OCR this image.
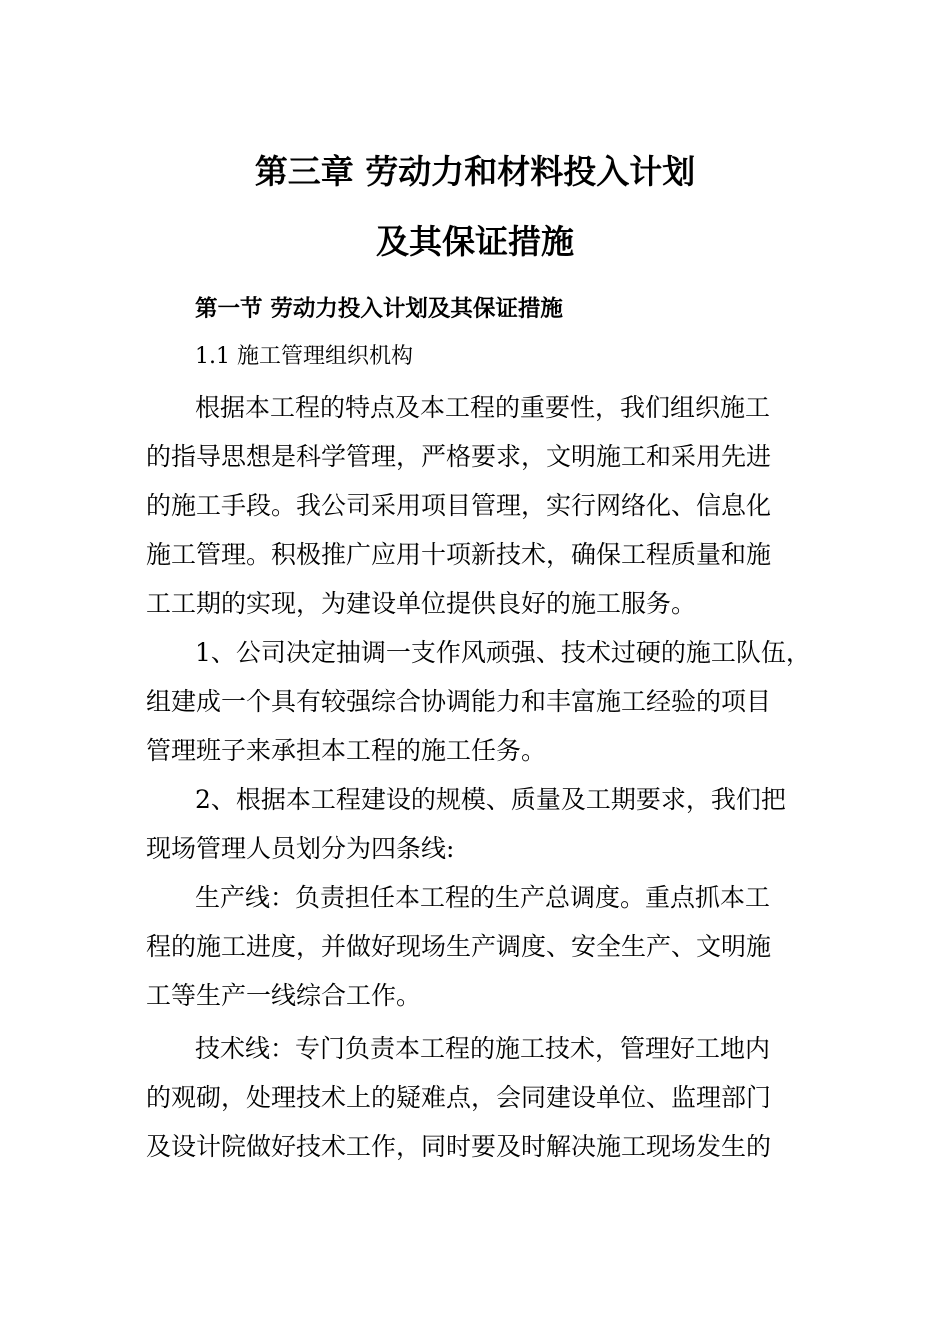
第三章 劳动力和材料投入计划
及其保证措施
第一节 劳动力投入计划及其保证措施
1.1 施工管理组织机构
根据本工程的特点及本工程的重要性，我们组织施工
的指导思想是科学管理，严格要求，文明施工和采用先进
的施工手段。我公司采用项目管理，实行网络化、信息化
施工管理。积极推广应用十项新技术，确保工程质量和施
工工期的实现，为建设单位提供良好的施工服务。
1、公司决定抽调一支作风顽强、技术过硬的施工队伍，
组建成一个具有较强综合协调能力和丰富施工经验的项目
管理班子来承担本工程的施工任务。
2、根据本工程建设的规模、质量及工期要求，我们把
现场管理人员划分为四条线:
生产线：负责担任本工程的生产总调度。重点抓本工
程的施工进度，并做好现场生产调度、安全生产、文明施
工等生产一线综合工作。
技术线：专门负责本工程的施工技术，管理好工地内
的观砌，处理技术上的疑难点，会同建设单位、监理部门
及设计院做好技术工作，同时要及时解决施工现场发生的
